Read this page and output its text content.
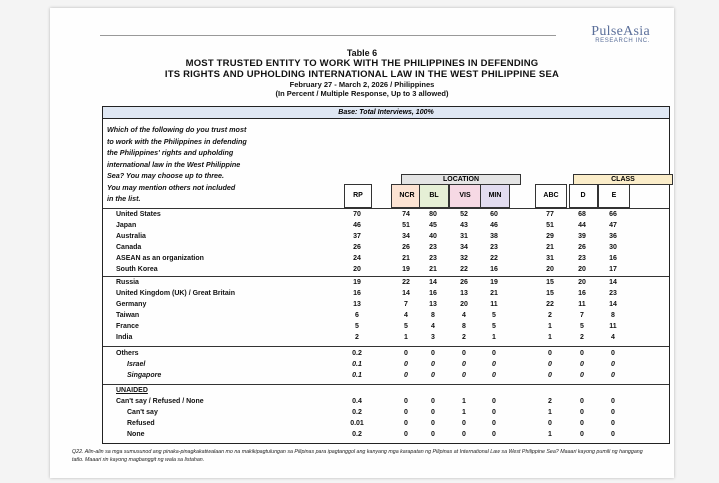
PulseAsia
RESEARCH INC.
Table 6
MOST TRUSTED ENTITY TO WORK WITH THE PHILIPPINES IN DEFENDING
ITS RIGHTS AND UPHOLDING INTERNATIONAL LAW IN THE WEST PHILIPPINE SEA
February 27 - March 2, 2026 / Philippines
(In Percent / Multiple Response, Up to 3 allowed)
Base: Total Interviews, 100%
Which of the following do you trust most
to work with the Philippines in defending
the Philippines' rights and upholding
international law in the West Philippine
Sea? You may choose up to three.
You may mention others not included
in the list.
LOCATION	CLASS
RP	NCR	BL	VIS	MIN	ABC	D	E
United States	70	74	80	52	60	77	68	66
Japan	46	51	45	43	46	51	44	47
Australia	37	34	40	31	38	29	39	36
Canada	26	26	23	34	23	21	26	30
ASEAN as an organization	24	21	23	32	22	31	23	16
South Korea	20	19	21	22	16	20	20	17
Russia	19	22	14	26	19	15	20	14
United Kingdom (UK) / Great Britain	16	14	16	13	21	15	16	23
Germany	13	7	13	20	11	22	11	14
Taiwan	6	4	8	4	5	2	7	8
France	5	5	4	8	5	1	5	11
India	2	1	3	2	1	1	2	4
Others	0.2	0	0	0	0	0	0	0
Israel	0.1	0	0	0	0	0	0	0
Singapore	0.1	0	0	0	0	0	0	0
UNAIDED
Can't say / Refused / None	0.4	0	0	1	0	2	0	0
Can't say	0.2	0	0	1	0	1	0	0
Refused	0.01	0	0	0	0	0	0	0
None	0.2	0	0	0	0	1	0	0
Q22. Alin-alin sa mga sumusunod ang pinaka-pinagkakatiwalaan mo na makikipagtulungan sa Pilipinas para ipagtanggol ang kanyang mga karapatan ng Pilipinas at International Law sa West Philippine Sea? Maaari kayong pumili ng hanggang tatlo. Maaari rin kayong magbanggit ng wala sa listahan.
